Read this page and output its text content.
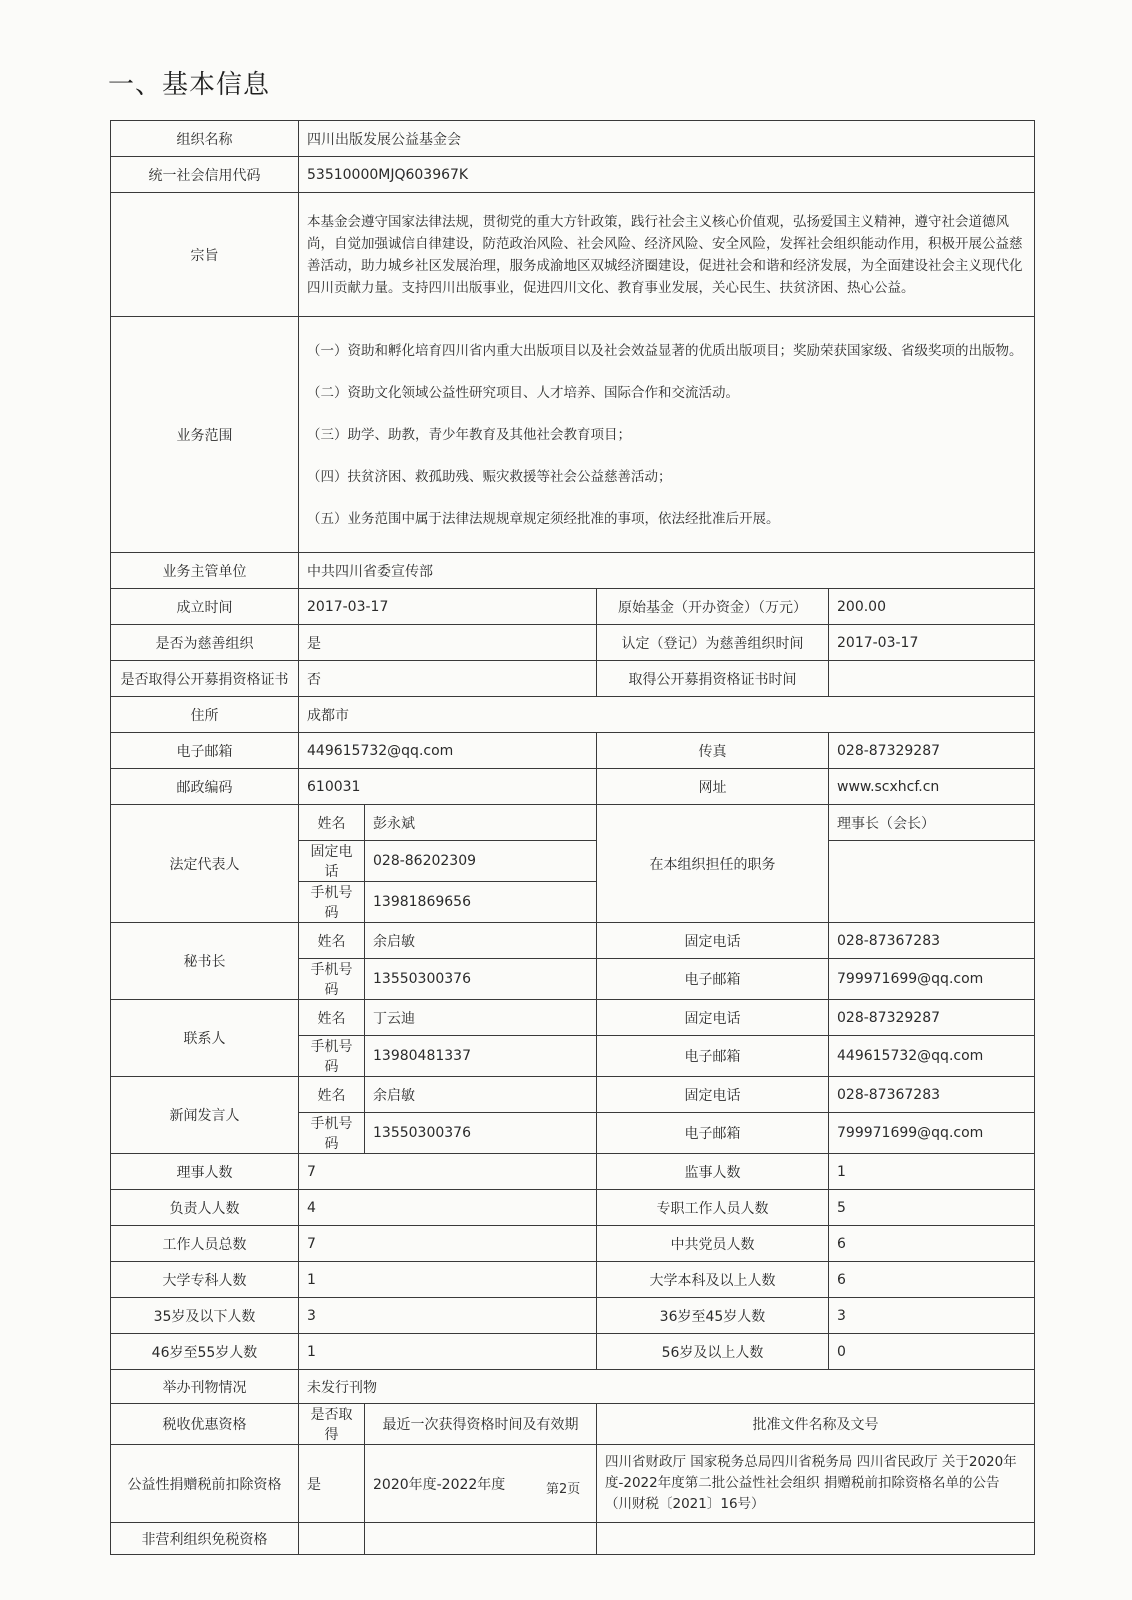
一、基本信息
组织名称	四川出版发展公益基金会			
统一社会信用代码	53510000MJQ603967K			
宗旨	本基金会遵守国家法律法规，贯彻党的重大方针政策，践行社会主义核心价值观，弘扬爱国主义精神，遵守社会道德风尚，自觉加强诚信自律建设，防范政治风险、社会风险、经济风险、安全风险，发挥社会组织能动作用，积极开展公益慈善活动，助力城乡社区发展治理，服务成渝地区双城经济圈建设，促进社会和谐和经济发展，为全面建设社会主义现代化四川贡献力量。支持四川出版事业，促进四川文化、教育事业发展，关心民生、扶贫济困、热心公益。			
业务范围	（一）资助和孵化培育四川省内重大出版项目以及社会效益显著的优质出版项目；奖励荣获国家级、省级奖项的出版物。

（二）资助文化领域公益性研究项目、人才培养、国际合作和交流活动。

（三）助学、助教，青少年教育及其他社会教育项目；

（四）扶贫济困、救孤助残、赈灾救援等社会公益慈善活动；

（五）业务范围中属于法律法规规章规定须经批准的事项，依法经批准后开展。			

业务主管单位	中共四川省委宣传部			
成立时间	2017-03-17		原始基金（开办资金）（万元）	200.00
是否为慈善组织	是		认定（登记）为慈善组织时间	2017-03-17
是否取得公开募捐资格证书	否		取得公开募捐资格证书时间	
住所	成都市			
电子邮箱	449615732@qq.com		传真	028-87329287
邮政编码	610031		网址	www.scxhcf.cn
法定代表人	姓名	彭永斌	在本组织担任的职务	理事长（会长）
	固定电话	028-86202309		
	手机号码	13981869656		
秘书长	姓名	余启敏	固定电话	028-87367283
	手机号码	13550300376	电子邮箱	799971699@qq.com
联系人	姓名	丁云迪	固定电话	028-87329287
	手机号码	13980481337	电子邮箱	449615732@qq.com
新闻发言人	姓名	余启敏	固定电话	028-87367283
	手机号码	13550300376	电子邮箱	799971699@qq.com
理事人数	7		监事人数	1
负责人人数	4		专职工作人员人数	5
工作人员总数	7		中共党员人数	6
大学专科人数	1		大学本科及以上人数	6
35岁及以下人数	3		36岁至45岁人数	3
46岁至55岁人数	1		56岁及以上人数	0
举办刊物情况	未发行刊物			
税收优惠资格	是否取得	最近一次获得资格时间及有效期	批准文件名称及文号	
公益性捐赠税前扣除资格	是	2020年度-2022年度	四川省财政厅 国家税务总局四川省税务局 四川省民政厅 关于2020年度-2022年度第二批公益性社会组织 捐赠税前扣除资格名单的公告（川财税〔2021〕16号）	
非营利组织免税资格				
第2页
